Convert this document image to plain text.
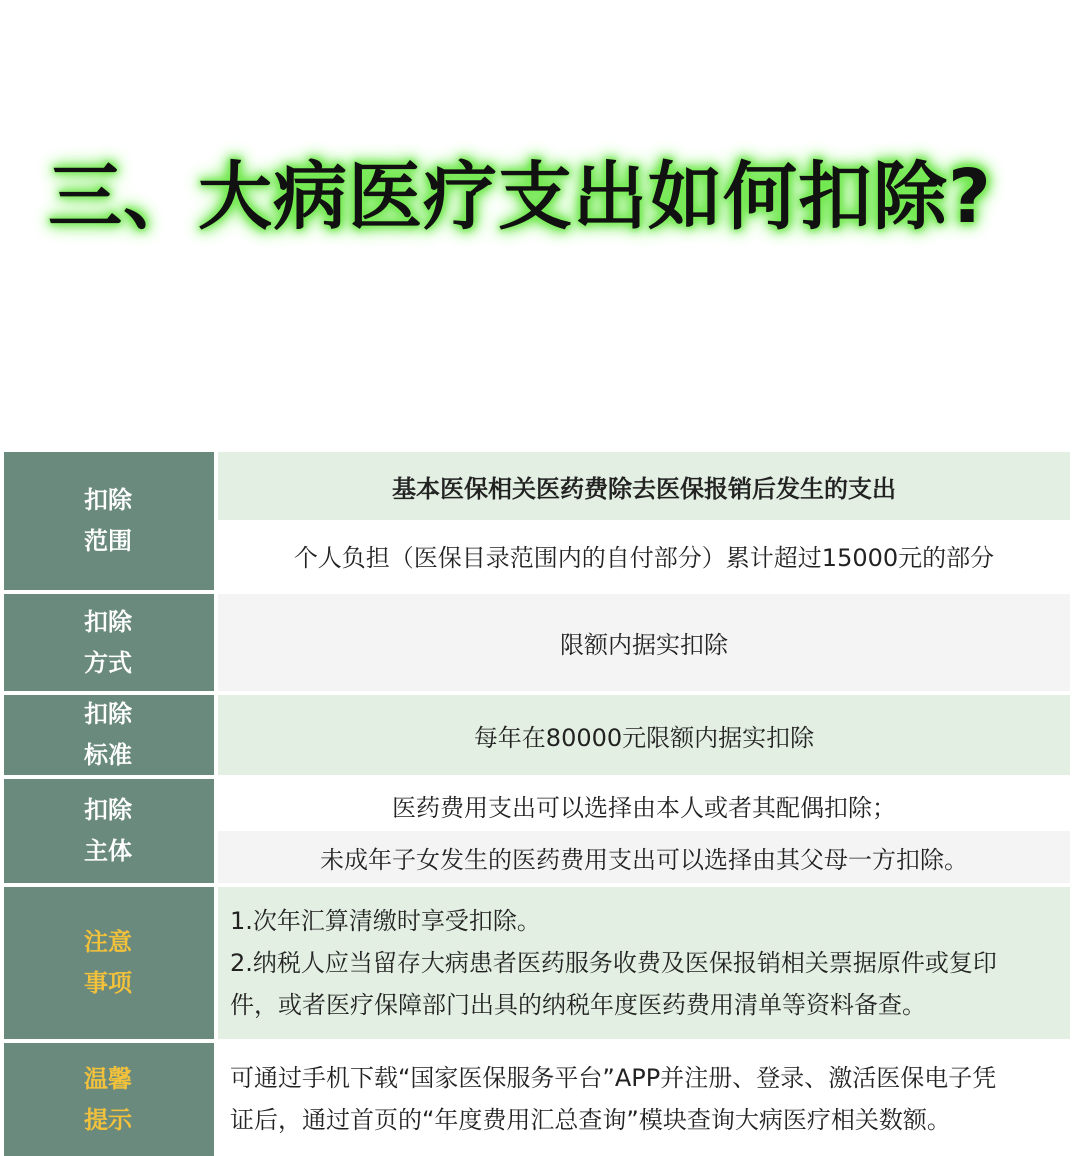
三、大病医疗支出如何扣除?
扣除
范围
基本医保相关医药费除去医保报销后发生的支出
个人负担（医保目录范围内的自付部分）累计超过15000元的部分
扣除
方式
限额内据实扣除
扣除
标准
每年在80000元限额内据实扣除
扣除
主体
医药费用支出可以选择由本人或者其配偶扣除；
未成年子女发生的医药费用支出可以选择由其父母一方扣除。
注意
事项
1.次年汇算清缴时享受扣除。
2.纳税人应当留存大病患者医药服务收费及医保报销相关票据原件或复印
件，或者医疗保障部门出具的纳税年度医药费用清单等资料备查。
温馨
提示
可通过手机下载“国家医保服务平台”APP并注册、登录、激活医保电子凭
证后，通过首页的“年度费用汇总查询”模块查询大病医疗相关数额。
